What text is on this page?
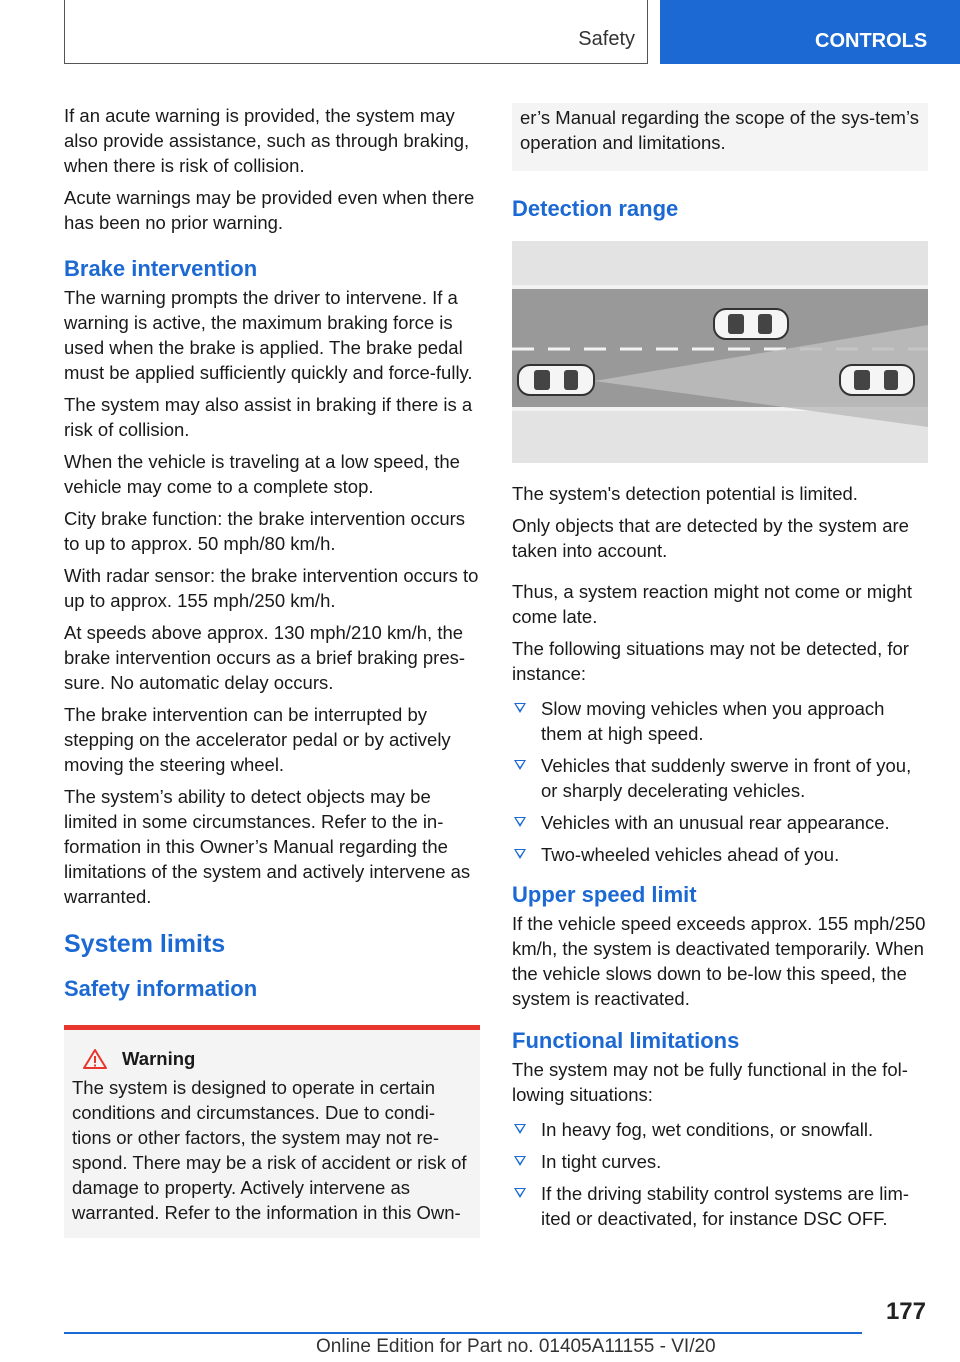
Safety	CONTROLS

If an acute warning is provided, the system may also provide assistance, such as through braking, when there is risk of collision.

Acute warnings may be provided even when there has been no prior warning.

Brake intervention

The warning prompts the driver to intervene. If a warning is active, the maximum braking force is used when the brake is applied. The brake pedal must be applied sufficiently quickly and force-fully.

The system may also assist in braking if there is a risk of collision.

When the vehicle is traveling at a low speed, the vehicle may come to a complete stop.

City brake function: the brake intervention occurs to up to approx. 50 mph/80 km/h.

With radar sensor: the brake intervention occurs to up to approx. 155 mph/250 km/h.

At speeds above approx. 130 mph/210 km/h, the brake intervention occurs as a brief braking pres-sure. No automatic delay occurs.

The brake intervention can be interrupted by stepping on the accelerator pedal or by actively moving the steering wheel.

The system’s ability to detect objects may be limited in some circumstances. Refer to the in-formation in this Owner’s Manual regarding the limitations of the system and actively intervene as warranted.

System limits
Safety information
Warning

The system is designed to operate in certain conditions and circumstances. Due to condi-tions or other factors, the system may not re-spond. There may be a risk of accident or risk of damage to property. Actively intervene as warranted. Refer to the information in this Own-

er’s Manual regarding the scope of the sys-tem’s operation and limitations.

Detection range

The system's detection potential is limited.

Only objects that are detected by the system are taken into account.

Thus, a system reaction might not come or might come late.

The following situations may not be detected, for instance:

Slow moving vehicles when you approach them at high speed.
Vehicles that suddenly swerve in front of you, or sharply decelerating vehicles.
Vehicles with an unusual rear appearance.
Two-wheeled vehicles ahead of you.
Upper speed limit

If the vehicle speed exceeds approx. 155 mph/250 km/h, the system is deactivated temporarily. When the vehicle slows down to be-low this speed, the system is reactivated.

Functional limitations

The system may not be fully functional in the fol-lowing situations:

In heavy fog, wet conditions, or snowfall.
In tight curves.
If the driving stability control systems are lim-ited or deactivated, for instance DSC OFF.
177
Online Edition for Part no. 01405A11155 - VI/20
